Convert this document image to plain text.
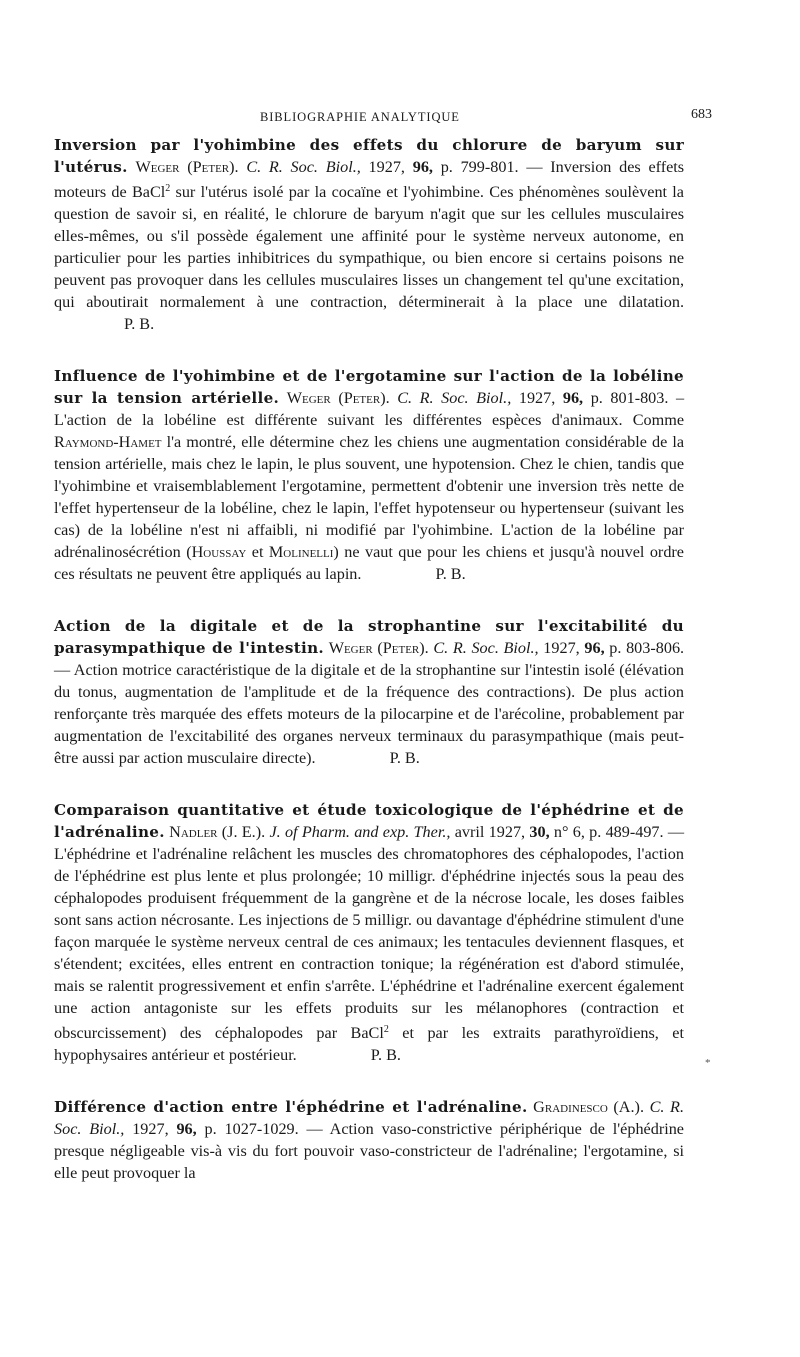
BIBLIOGRAPHIE ANALYTIQUE	683

Inversion par l'yohimbine des effets du chlorure de baryum sur l'utérus. Weger (Peter). C. R. Soc. Biol., 1927, 96, p. 799-801. — Inversion des effets moteurs de BaCl$^2$ sur l'utérus isolé par la cocaïne et l'yohimbine. Ces phénomènes soulèvent la question de savoir si, en réalité, le chlorure de baryum n'agit que sur les cellules musculaires elles-mêmes, ou s'il possède également une affinité pour le système nerveux autonome, en particulier pour les parties inhibitrices du sympathique, ou bien encore si certains poisons ne peuvent pas provoquer dans les cellules musculaires lisses un changement tel qu'une excitation, qui aboutirait normalement à une contraction, déterminerait à la place une dilatation. P. B.

Influence de l'yohimbine et de l'ergotamine sur l'action de la lobéline sur la tension artérielle. Weger (Peter). C. R. Soc. Biol., 1927, 96, p. 801-803. – L'action de la lobéline est différente suivant les différentes espèces d'animaux. Comme Raymond-Hamet l'a montré, elle détermine chez les chiens une augmentation considérable de la tension artérielle, mais chez le lapin, le plus souvent, une hypotension. Chez le chien, tandis que l'yohimbine et vraisemblablement l'ergotamine, permettent d'obtenir une inversion très nette de l'effet hypertenseur de la lobéline, chez le lapin, l'effet hypotenseur ou hypertenseur (suivant les cas) de la lobéline n'est ni affaibli, ni modifié par l'yohimbine. L'action de la lobéline par adrénalinosécrétion (Houssay et Molinelli) ne vaut que pour les chiens et jusqu'à nouvel ordre ces résultats ne peuvent être appliqués au lapin.	P. B.

Action de la digitale et de la strophantine sur l'excitabilité du parasympathique de l'intestin. Weger (Peter). C. R. Soc. Biol., 1927, 96, p. 803-806. — Action motrice caractéristique de la digitale et de la strophantine sur l'intestin isolé (élévation du tonus, augmentation de l'amplitude et de la fréquence des contractions). De plus action renforçante très marquée des effets moteurs de la pilocarpine et de l'arécoline, probablement par augmentation de l'excitabilité des organes nerveux terminaux du parasympathique (mais peut-être aussi par action musculaire directe).	P. B.

Comparaison quantitative et étude toxicologique de l'éphédrine et de l'adrénaline. Nadler (J. E.). J. of Pharm. and exp. Ther., avril 1927, 30, n° 6, p. 489-497. — L'éphédrine et l'adrénaline relâchent les muscles des chromatophores des céphalopodes, l'action de l'éphédrine est plus lente et plus prolongée; 10 milligr. d'éphédrine injectés sous la peau des céphalopodes produisent fréquemment de la gangrène et de la nécrose locale, les doses faibles sont sans action nécrosante. Les injections de 5 milligr. ou davantage d'éphédrine stimulent d'une façon marquée le système nerveux central de ces animaux; les tentacules deviennent flasques, et s'étendent; excitées, elles entrent en contraction tonique; la régénération est d'abord stimulée, mais se ralentit progressivement et enfin s'arrête. L'éphédrine et l'adrénaline exercent également une action antagoniste sur les effets produits sur les mélanophores (contraction et obscurcissement) des céphalopodes par BaCl$^2$ et par les extraits parathyroïdiens, et hypophysaires antérieur et postérieur.	P. B.

Différence d'action entre l'éphédrine et l'adrénaline. Gradinesco (A.). C. R. Soc. Biol., 1927, 96, p. 1027-1029. — Action vaso-constrictive périphérique de l'éphédrine presque négligeable vis-à vis du fort pouvoir vaso-constricteur de l'adrénaline; l'ergotamine, si elle peut provoquer la

*
